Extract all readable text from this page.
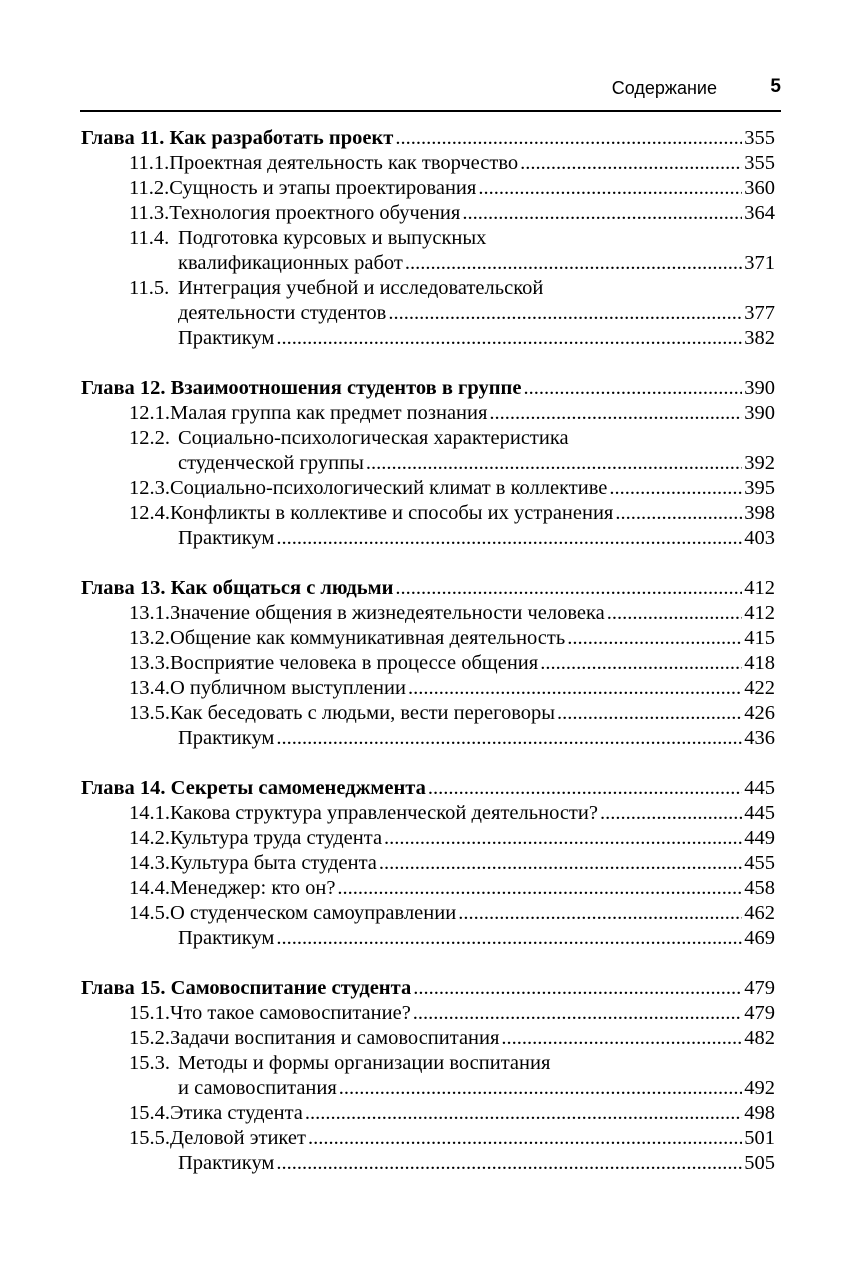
Содержание	5
Глава 11. Как разработать проект .....	355
11.1. Проектная деятельность как творчество .....	355
11.2. Сущность и этапы проектирования .....	360
11.3. Технология проектного обучения .....	364
11.4. Подготовка курсовых и выпускных
квалификационных работ .....	371
11.5. Интеграция учебной и исследовательской
деятельности студентов .....	377
Практикум .....	382
Глава 12. Взаимоотношения студентов в группе .....	390
12.1. Малая группа как предмет познания .....	390
12.2. Социально-психологическая характеристика
студенческой группы .....	392
12.3. Социально-психологический климат в коллективе .....	395
12.4. Конфликты в коллективе и способы их устранения .....	398
Практикум .....	403
Глава 13. Как общаться с людьми .....	412
13.1. Значение общения в жизнедеятельности человека .....	412
13.2. Общение как коммуникативная деятельность .....	415
13.3. Восприятие человека в процессе общения .....	418
13.4. О публичном выступлении .....	422
13.5. Как беседовать с людьми, вести переговоры .....	426
Практикум .....	436
Глава 14. Секреты самоменеджмента .....	445
14.1. Какова структура управленческой деятельности? .....	445
14.2. Культура труда студента .....	449
14.3. Культура быта студента .....	455
14.4. Менеджер: кто он? .....	458
14.5. О студенческом самоуправлении .....	462
Практикум .....	469
Глава 15. Самовоспитание студента .....	479
15.1. Что такое самовоспитание? .....	479
15.2. Задачи воспитания и самовоспитания .....	482
15.3. Методы и формы организации воспитания
и самовоспитания .....	492
15.4. Этика студента .....	498
15.5. Деловой этикет .....	501
Практикум .....	505
